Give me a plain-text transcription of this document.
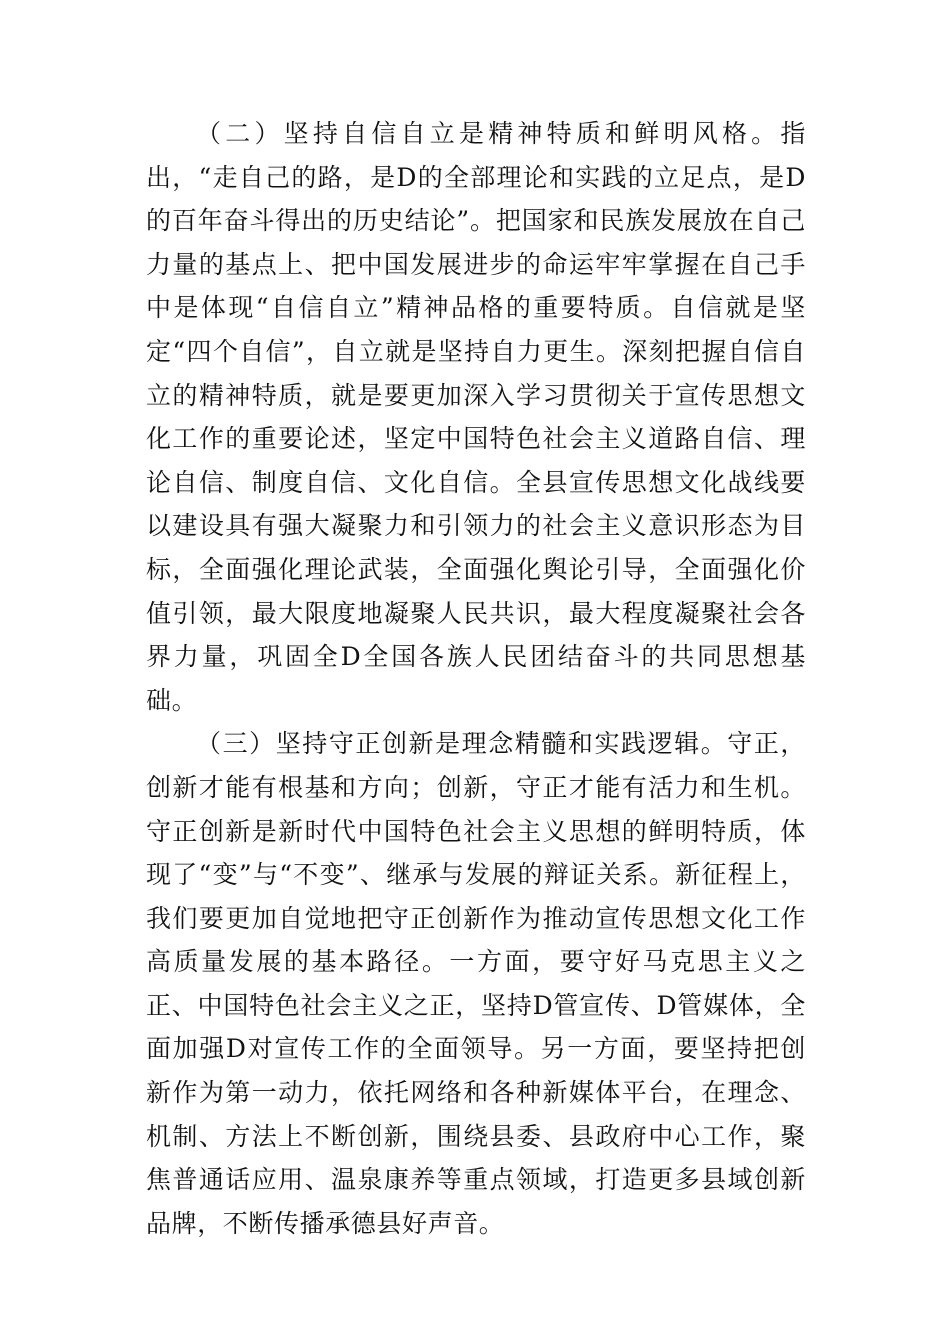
（二）坚持自信自立是精神特质和鲜明风格。指出，“走自己的路，是D的全部理论和实践的立足点，是D的百年奋斗得出的历史结论”。把国家和民族发展放在自己力量的基点上、把中国发展进步的命运牢牢掌握在自己手中是体现“自信自立”精神品格的重要特质。自信就是坚定“四个自信”，自立就是坚持自力更生。深刻把握自信自立的精神特质，就是要更加深入学习贯彻关于宣传思想文化工作的重要论述，坚定中国特色社会主义道路自信、理论自信、制度自信、文化自信。全县宣传思想文化战线要以建设具有强大凝聚力和引领力的社会主义意识形态为目标，全面强化理论武装，全面强化舆论引导，全面强化价值引领，最大限度地凝聚人民共识，最大程度凝聚社会各界力量，巩固全D全国各族人民团结奋斗的共同思想基础。

（三）坚持守正创新是理念精髓和实践逻辑。守正，创新才能有根基和方向；创新，守正才能有活力和生机。守正创新是新时代中国特色社会主义思想的鲜明特质，体现了“变”与“不变”、继承与发展的辩证关系。新征程上，我们要更加自觉地把守正创新作为推动宣传思想文化工作高质量发展的基本路径。一方面，要守好马克思主义之正、中国特色社会主义之正，坚持D管宣传、D管媒体，全面加强D对宣传工作的全面领导。另一方面，要坚持把创新作为第一动力，依托网络和各种新媒体平台，在理念、机制、方法上不断创新，围绕县委、县政府中心工作，聚焦普通话应用、温泉康养等重点领域，打造更多县域创新品牌，不断传播承德县好声音。
